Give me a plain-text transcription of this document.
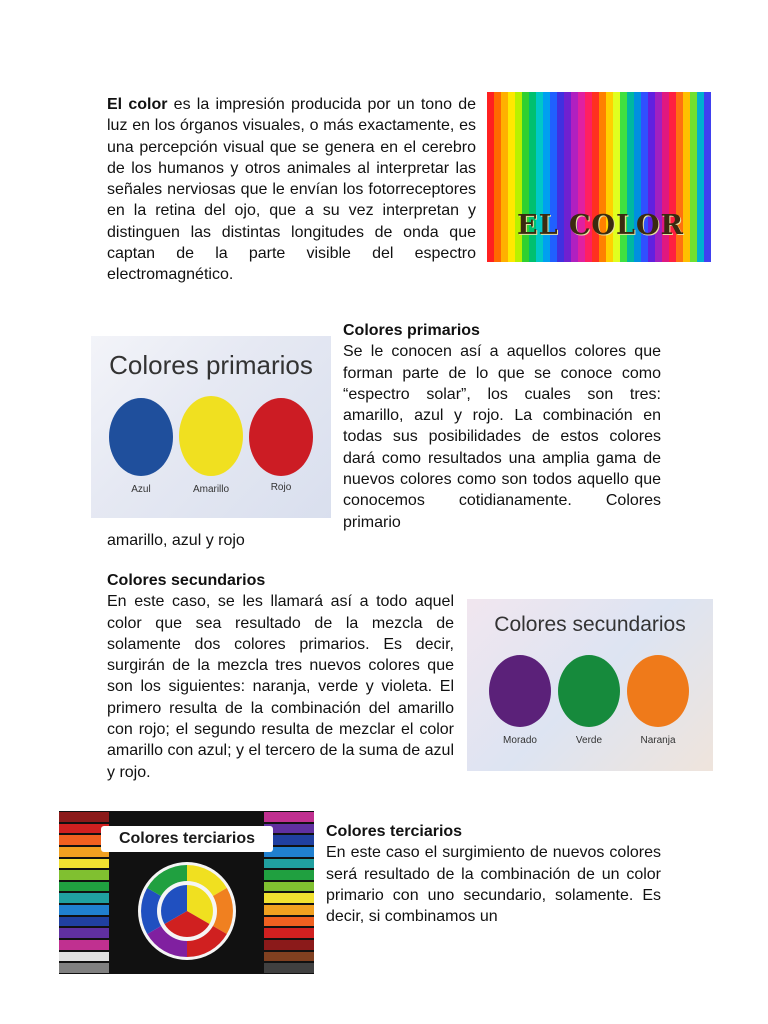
El color es la impresión producida por un tono de luz en los órganos visuales, o más exactamente, es una percepción visual que se genera en el cerebro de los humanos y otros animales al interpretar las señales nerviosas que le envían los fotorreceptores en la retina del ojo, que a su vez interpretan y distinguen las distintas longitudes de onda que captan de la parte visible del espectro electromagnético.

EL COLOR

Colores primarios
Se le conocen así a aquellos colores que forman parte de lo que se conoce como “espectro solar”, los cuales son tres: amarillo, azul y rojo. La combinación en todas sus posibilidades de estos colores dará como resultados una amplia gama de nuevos colores como son todos aquello que conocemos cotidianamente. Colores primario

amarillo, azul y rojo

Colores primarios
Azul	Amarillo	Rojo

Colores secundarios
En este caso, se les llamará así a todo aquel color que sea resultado de la mezcla de solamente dos colores primarios. Es decir, surgirán de la mezcla tres nuevos colores que son los siguientes: naranja, verde y violeta. El primero resulta de la combinación del amarillo con rojo; el segundo resulta de mezclar el color amarillo con azul; y el tercero de la suma de azul y rojo.

Colores secundarios
Morado	Verde	Naranja
Colores terciarios	Colores terciarios
En este caso el surgimiento de nuevos colores será resultado de la combinación de un color primario con uno secundario, solamente. Es decir, si combinamos un
